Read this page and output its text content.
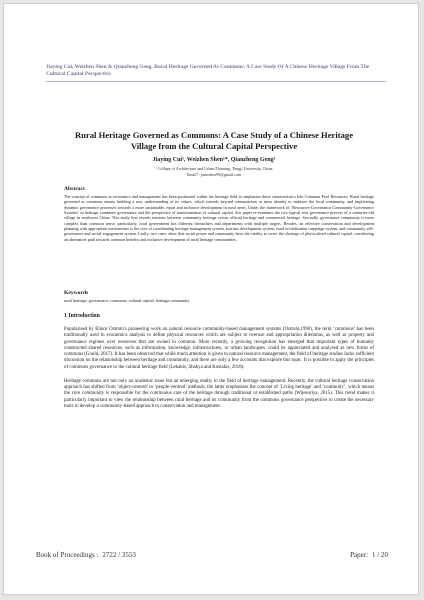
Jiaying Cui, Weizhen Shen & Qianzheng Geng, Rural Heritage Governed As Commons: A Case Study Of A Chinese Heritage Village From The Cultural Capital Perspective
Rural Heritage Governed as Commons: A Case Study of a Chinese Heritage Village from the Cultural Capital Perspective
Jiaying Cui¹, Weizhen Shen¹*, Qianzheng Geng¹
¹ College of Architecture and Urban Planning, Tongji University, China
Email*: jasmshen99@gmail.com
Abstract
The concept of commons in economics and management has been positioned within the heritage field to emphasize these characteristics like Common Pool Resources. Rural heritage governed as commons means building a new understanding of its values, which extends beyond consumerism or mass identity to embrace the local community, and implicating dynamic governance processes towards a more sustainable, equal and inclusive development in rural areas. Under the framework of ‘Resources-Governance Community-Governance Systems’ in heritage commons governance and the perspective of transformation of cultural capital, this paper re-examines the two typical eras governance process of a centuries-old village in southwest China. This study first reveals tensions between community heritage versus official heritage and commercial heritage. Secondly, governance community is more complex than common sense, particularly, local government has different hierarchies and departments with multiple targets. Besides, an effective conservation and development planning with appropriate mechanisms is the core of coordinating heritage management system, tourism development system, rural revitalization campaign system, and community self-governance and social-engagement system. Lastly, two cases show that social power and community have the vitality to cover the shortage of physicalised cultural capital, constituting an alternative path towards common benefits and inclusive development of rural heritage communities.
Keywords
rural heritage; governance; commons; cultural capital; heritage community
1 Introduction

Popularised by Elinor Ostrom's pioneering work on natural resource community-based management systems (Ostrom,1990), the term ‘commons’ has been traditionally used in economics analysis to define physical resources which are subject to overuse and appropriation dilemmas, as well as property and governance regimes over resources that are owned in common. More recently, a growing recognition has emerged that important types of humanly constructed shared resources, such as information, knowledge, infrastructures, or urban landscapes, could be appreciated and analysed as new forms of commons (Gould, 2017). It has been observed that while much attention is given to natural resource management, the field of heritage studies lacks sufficient discussion on the relationship between heritage and community, and there are only a few accounts that explore this topic. It is possible to apply the principles of commons governance to the cultural heritage field (Lekakis, Shakya and Kostakis, 2018).

Heritage commons are not only an academic issue but an emerging reality in the field of heritage management. Recently, the cultural heritage conservation approach has shifted from ‘object-centred’ to ‘people-centred’ methods, the latter emphasises the concept of ‘Living heritage’ and ‘continuity’, which means the core community is responsible for the continuous care of the heritage through traditional or established paths (Wijesuriya, 2015). This trend makes it particularly important to view the relationship between rural heritage and its community from the commons governance perspective to create the necessary tools to develop a community-based approach to conservation and management.

Book of Proceedings : 2722 / 3553	Paper: 1 / 20
